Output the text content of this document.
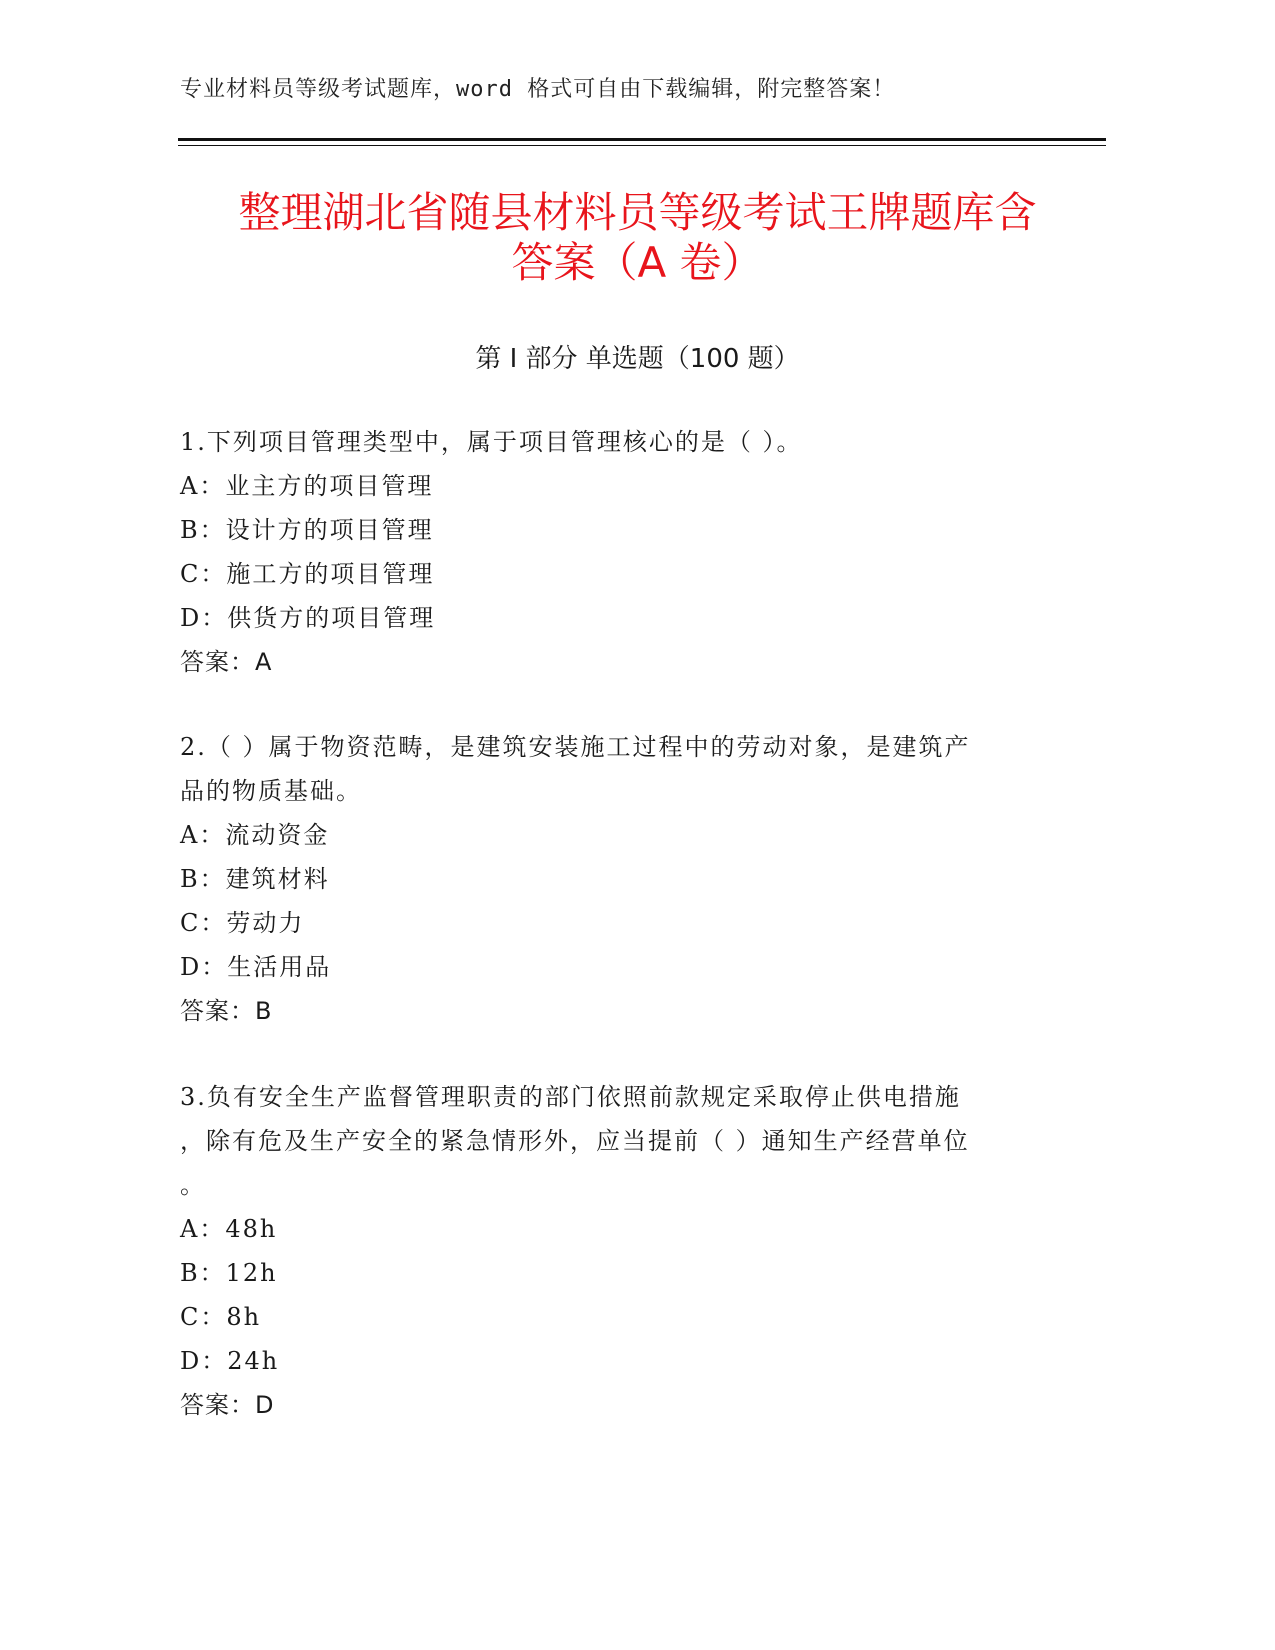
专业材料员等级考试题库，word 格式可自由下载编辑，附完整答案！
整理湖北省随县材料员等级考试王牌题库含
答案（A 卷）
第 I 部分 单选题（100 题）
1.下列项目管理类型中，属于项目管理核心的是（ ）。
A：业主方的项目管理
B：设计方的项目管理
C：施工方的项目管理
D：供货方的项目管理
答案：A
2.（ ）属于物资范畴，是建筑安装施工过程中的劳动对象，是建筑产
品的物质基础。
A：流动资金
B：建筑材料
C：劳动力
D：生活用品
答案：B
3.负有安全生产监督管理职责的部门依照前款规定采取停止供电措施
，除有危及生产安全的紧急情形外，应当提前（ ）通知生产经营单位
。
A：48h
B：12h
C：8h
D：24h
答案：D
